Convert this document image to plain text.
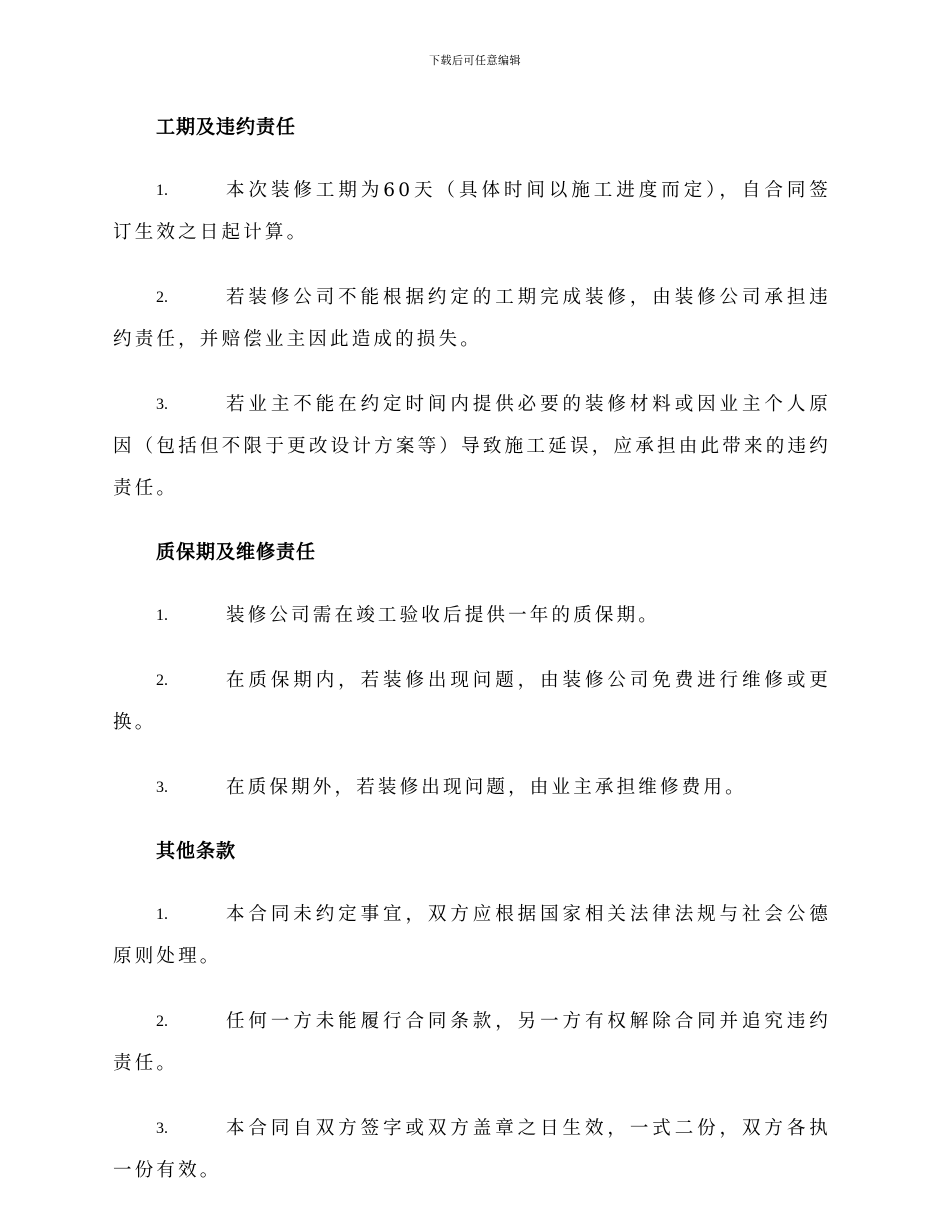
下载后可任意编辑
工期及违约责任

1.	本次装修工期为60天（具体时间以施工进度而定），自合同签订生效之日起计算。

2.	若装修公司不能根据约定的工期完成装修，由装修公司承担违约责任，并赔偿业主因此造成的损失。

3.	若业主不能在约定时间内提供必要的装修材料或因业主个人原因（包括但不限于更改设计方案等）导致施工延误，应承担由此带来的违约责任。

质保期及维修责任

1.	装修公司需在竣工验收后提供一年的质保期。

2.	在质保期内，若装修出现问题，由装修公司免费进行维修或更换。

3.	在质保期外，若装修出现问题，由业主承担维修费用。

其他条款

1.	本合同未约定事宜，双方应根据国家相关法律法规与社会公德原则处理。

2.	任何一方未能履行合同条款，另一方有权解除合同并追究违约责任。

3.	本合同自双方签字或双方盖章之日生效，一式二份，双方各执一份有效。
